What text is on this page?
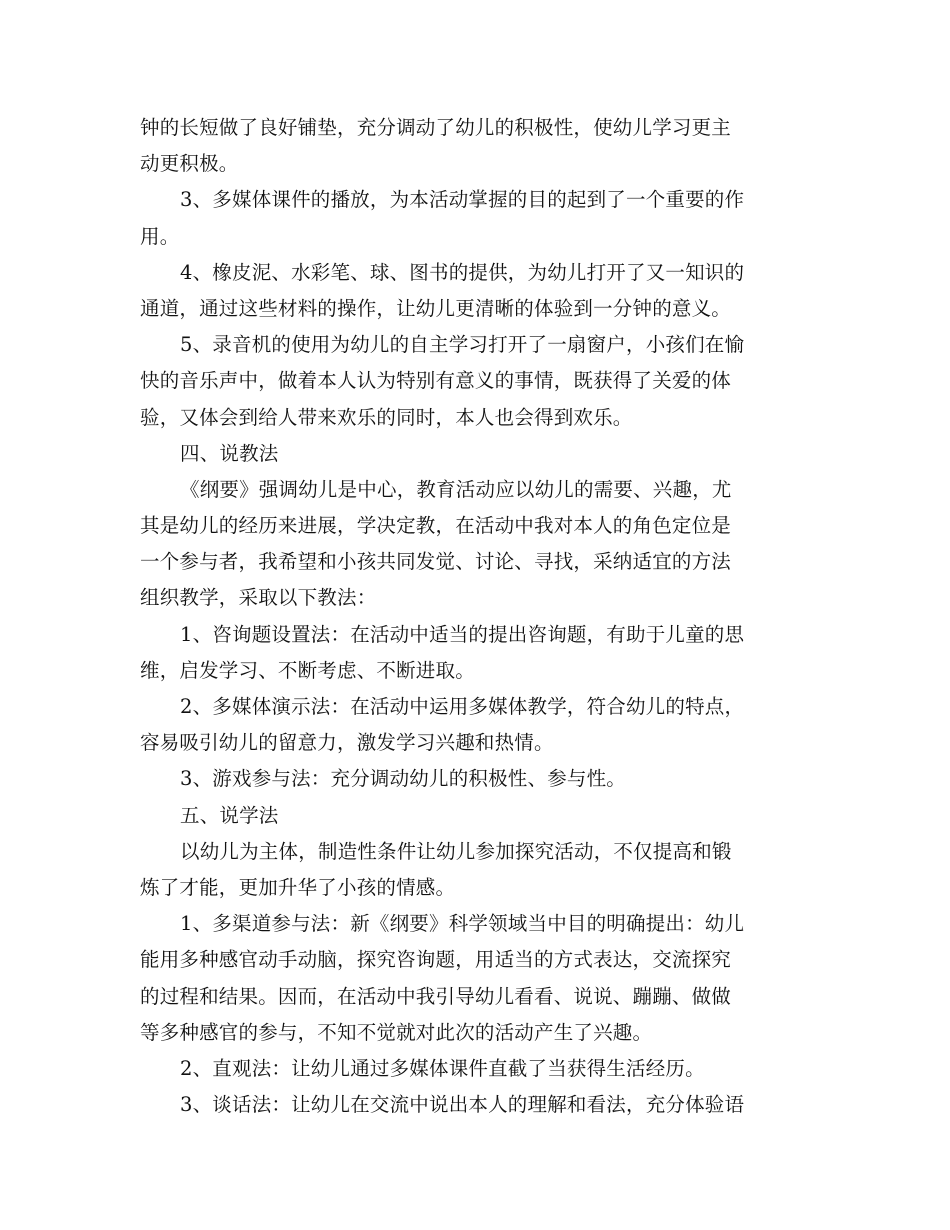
钟的长短做了良好铺垫，充分调动了幼儿的积极性，使幼儿学习更主
动更积极。
3、多媒体课件的播放，为本活动掌握的目的起到了一个重要的作
用。
4、橡皮泥、水彩笔、球、图书的提供，为幼儿打开了又一知识的
通道，通过这些材料的操作，让幼儿更清晰的体验到一分钟的意义。
5、录音机的使用为幼儿的自主学习打开了一扇窗户，小孩们在愉
快的音乐声中，做着本人认为特别有意义的事情，既获得了关爱的体
验，又体会到给人带来欢乐的同时，本人也会得到欢乐。
四、说教法
《纲要》强调幼儿是中心，教育活动应以幼儿的需要、兴趣，尤
其是幼儿的经历来进展，学决定教，在活动中我对本人的角色定位是
一个参与者，我希望和小孩共同发觉、讨论、寻找，采纳适宜的方法
组织教学，采取以下教法：
1、咨询题设置法：在活动中适当的提出咨询题，有助于儿童的思
维，启发学习、不断考虑、不断进取。
2、多媒体演示法：在活动中运用多媒体教学，符合幼儿的特点，
容易吸引幼儿的留意力，激发学习兴趣和热情。
3、游戏参与法：充分调动幼儿的积极性、参与性。
五、说学法
以幼儿为主体，制造性条件让幼儿参加探究活动，不仅提高和锻
炼了才能，更加升华了小孩的情感。
1、多渠道参与法：新《纲要》科学领域当中目的明确提出：幼儿
能用多种感官动手动脑，探究咨询题，用适当的方式表达，交流探究
的过程和结果。因而，在活动中我引导幼儿看看、说说、蹦蹦、做做
等多种感官的参与，不知不觉就对此次的活动产生了兴趣。
2、直观法：让幼儿通过多媒体课件直截了当获得生活经历。
3、谈话法：让幼儿在交流中说出本人的理解和看法，充分体验语
